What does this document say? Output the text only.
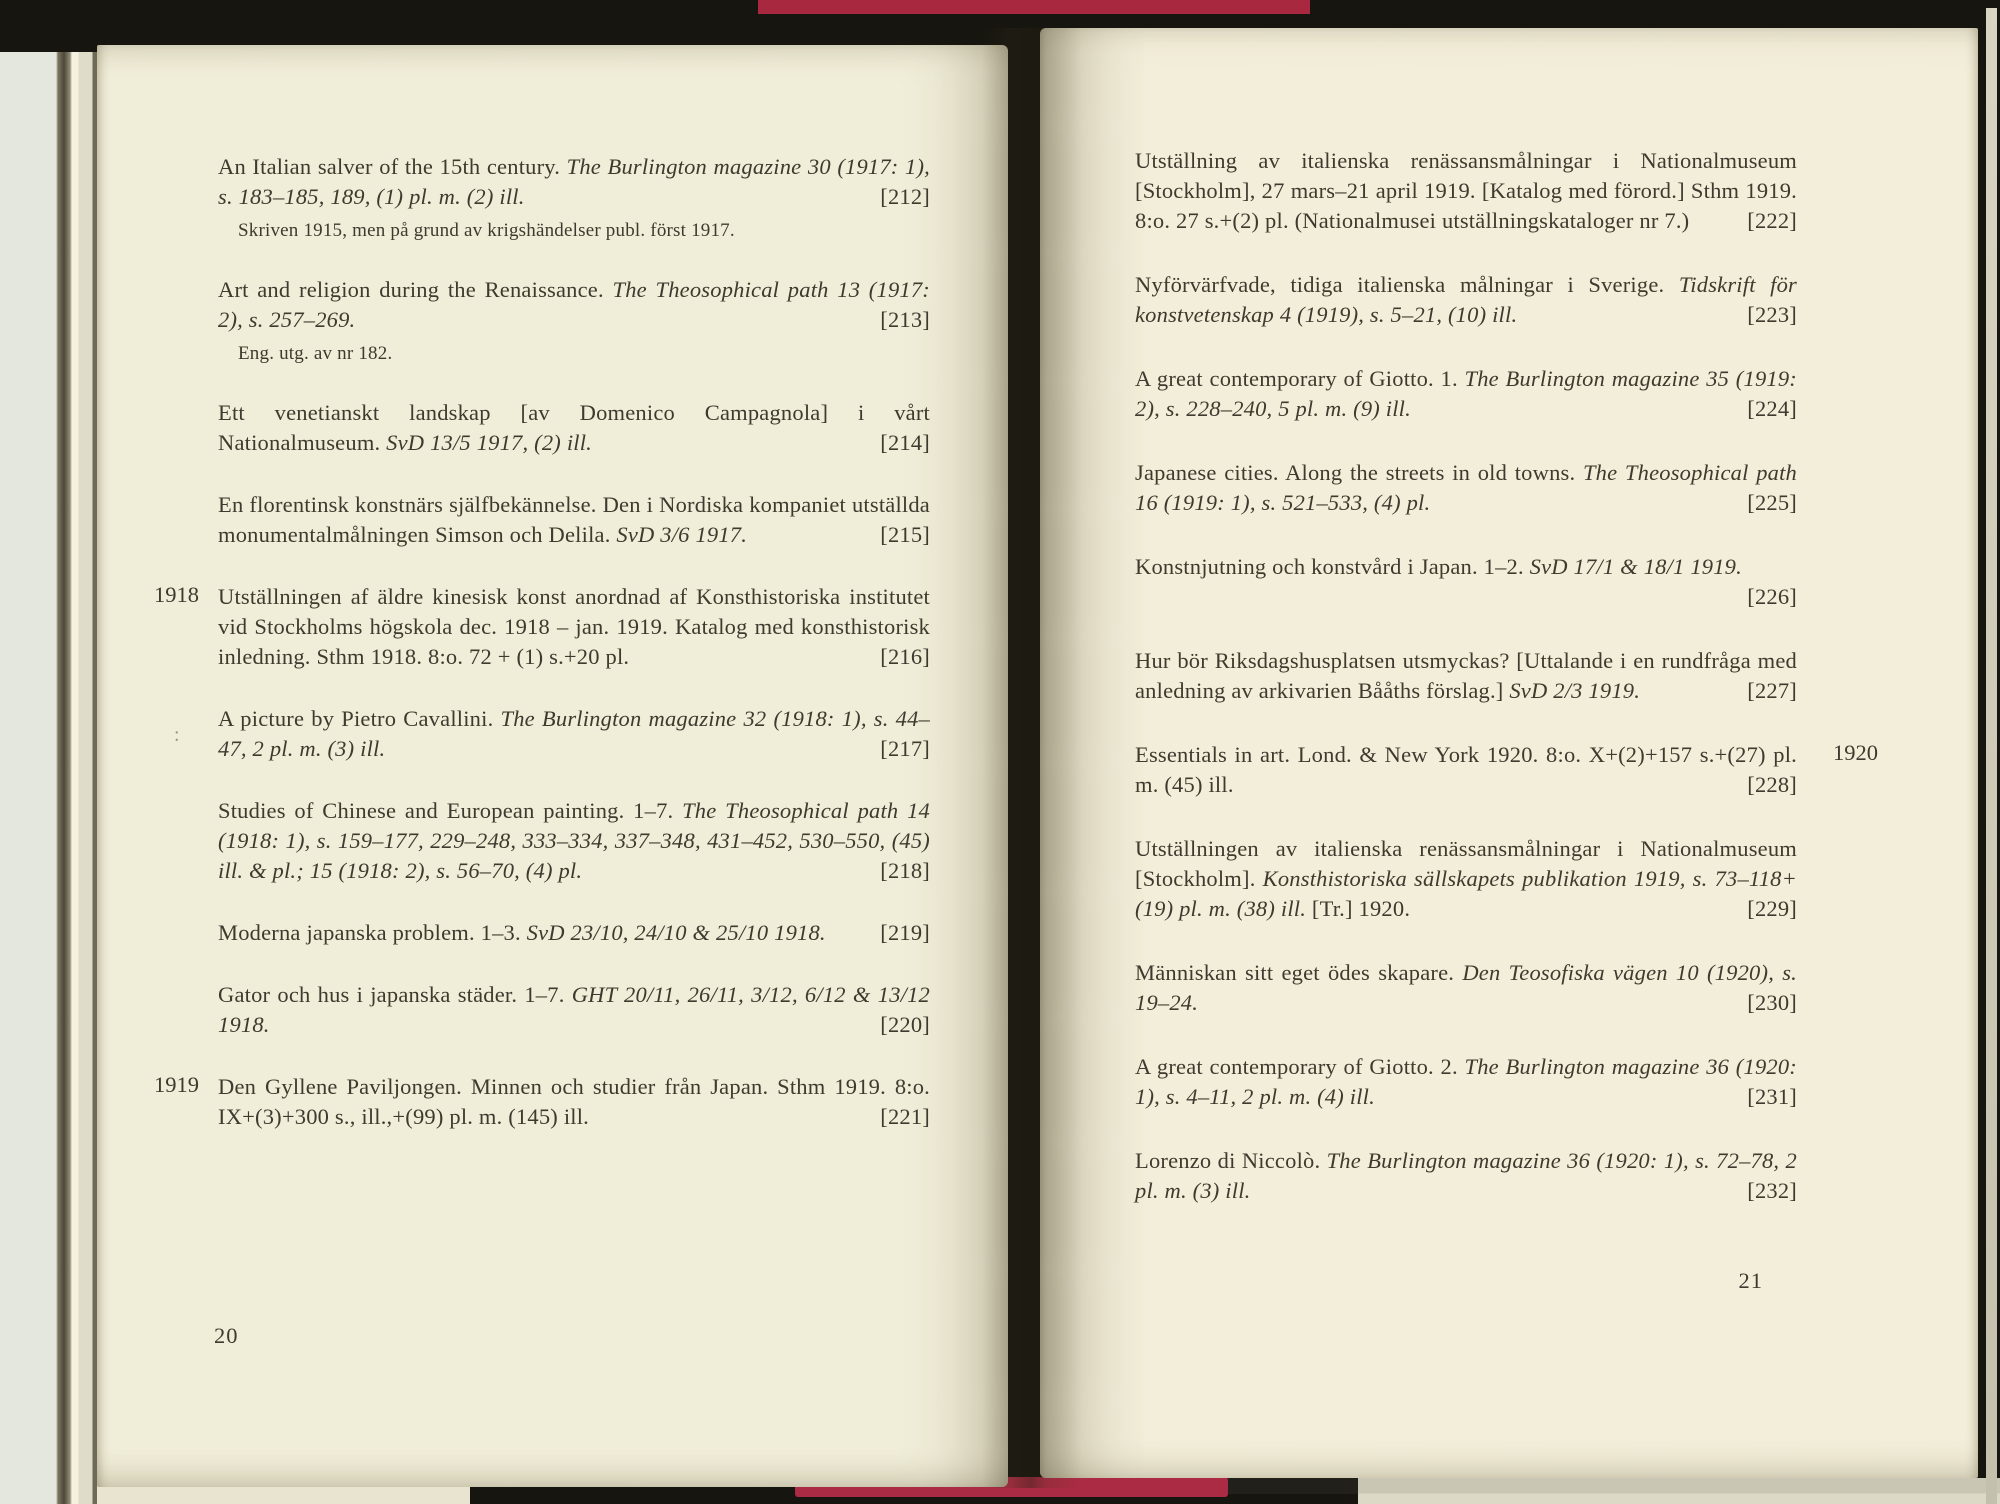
:

An Italian salver of the 15th century. The Burlington magazine 30 (1917: 1), s. 183–185, 189, (1) pl. m. (2) ill.	[212]

Skriven 1915, men på grund av krigshändelser publ. först 1917.

Art and religion during the Renaissance. The Theosophical path 13 (1917: 2), s. 257–269.	[213]

Eng. utg. av nr 182.

Ett venetianskt landskap [av Domenico Campagnola] i vårt Nationalmuseum. SvD 13/5 1917, (2) ill.	[214]

En florentinsk konstnärs själfbekännelse. Den i Nordiska kompaniet utställda monumentalmålningen Simson och Delila. SvD 3/6 1917.	[215]

1918 Utställningen af äldre kinesisk konst anordnad af Konsthistoriska institutet vid Stockholms högskola dec. 1918 – jan. 1919. Katalog med konsthistorisk inledning. Sthm 1918. 8:o. 72 + (1) s.+20 pl.	[216]

A picture by Pietro Cavallini. The Burlington magazine 32 (1918: 1), s. 44–47, 2 pl. m. (3) ill.	[217]

Studies of Chinese and European painting. 1–7. The Theosophical path 14 (1918: 1), s. 159–177, 229–248, 333–334, 337–348, 431–452, 530–550, (45) ill. & pl.; 15 (1918: 2), s. 56–70, (4) pl.	[218]

Moderna japanska problem. 1–3. SvD 23/10, 24/10 & 25/10 1918. [219]

Gator och hus i japanska städer. 1–7. GHT 20/11, 26/11, 3/12, 6/12 & 13/12 1918.	[220]

1919 Den Gyllene Paviljongen. Minnen och studier från Japan. Sthm 1919. 8:o. IX+(3)+300 s., ill.,+(99) pl. m. (145) ill.	[221]

20

Utställning av italienska renässansmålningar i Nationalmuseum [Stockholm], 27 mars–21 april 1919. [Katalog med förord.] Sthm 1919. 8:o. 27 s.+(2) pl. (Nationalmusei utställningskataloger nr 7.)	[222]

Nyförvärfvade, tidiga italienska målningar i Sverige. Tidskrift för konstvetenskap 4 (1919), s. 5–21, (10) ill.	[223]

A great contemporary of Giotto. 1. The Burlington magazine 35 (1919: 2), s. 228–240, 5 pl. m. (9) ill.	[224]

Japanese cities. Along the streets in old towns. The Theosophical path 16 (1919: 1), s. 521–533, (4) pl.	[225]

Konstnjutning och konstvård i Japan. 1–2. SvD 17/1 & 18/1 1919.
[226]

Hur bör Riksdagshusplatsen utsmyckas? [Uttalande i en rundfråga med anledning av arkivarien Bååths förslag.] SvD 2/3 1919.	[227]

1920

Essentials in art. Lond. & New York 1920. 8:o. X+(2)+157 s.+(27) pl. m. (45) ill.	[228]

Utställningen av italienska renässansmålningar i Nationalmuseum [Stockholm]. Konsthistoriska sällskapets publikation 1919, s. 73–118+(19) pl. m. (38) ill. [Tr.] 1920.	[229]

Människan sitt eget ödes skapare. Den Teosofiska vägen 10 (1920), s. 19–24.	[230]

A great contemporary of Giotto. 2. The Burlington magazine 36 (1920: 1), s. 4–11, 2 pl. m. (4) ill.	[231]

Lorenzo di Niccolò. The Burlington magazine 36 (1920: 1), s. 72–78, 2 pl. m. (3) ill.	[232]

21
